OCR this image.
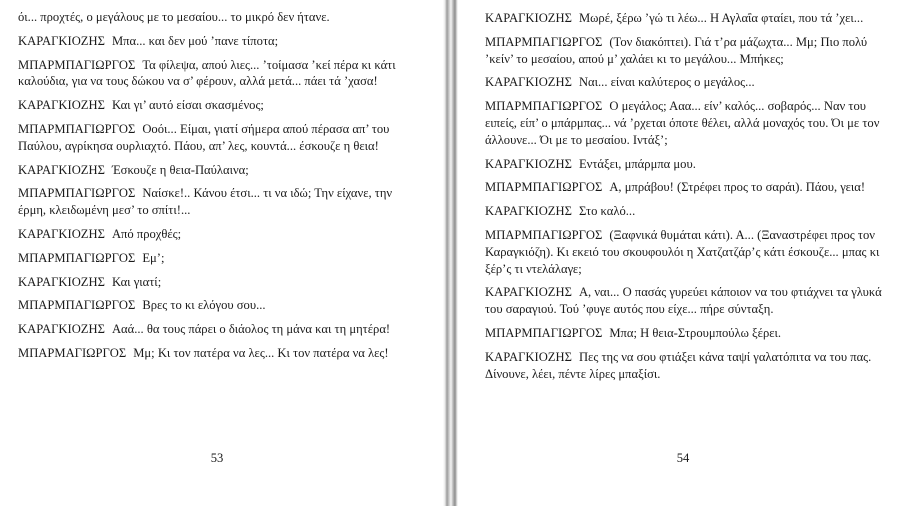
όι... προχτές, ο μεγάλους με το μεσαίου... το μικρό δεν ήτανε.

ΚΑΡΑΓΚΙΟΖΗΣ Μπα... και δεν μού ’πανε τίποτα;

ΜΠΑΡΜΠΑΓΙΩΡΓΟΣ Τα φίλεψα, απού λιες... ’τοίμασα ’κεί πέρα κι κάτι καλούδια, για να τους δώκου να σ’ φέρουν, αλλά μετά... πάει τά ’χασα!

ΚΑΡΑΓΚΙΟΖΗΣ Και γι’ αυτό είσαι σκασμένος;

ΜΠΑΡΜΠΑΓΙΩΡΓΟΣ Οοόι... Είμαι, γιατί σήμερα απού πέρασα απ’ του Παύλου, αγρίκησα ουρλιαχτό. Πάου, απ’ λες, κουντά... έσκουζε η θεια!

ΚΑΡΑΓΚΙΟΖΗΣ Έσκουζε η θεια-Παύλαινα;

ΜΠΑΡΜΠΑΓΙΩΡΓΟΣ Ναίσκε!.. Κάνου έτσι... τι να ιδώ; Την είχανε, την έρμη, κλειδωμένη μεσ’ το σπίτι!...

ΚΑΡΑΓΚΙΟΖΗΣ Από προχθές;

ΜΠΑΡΜΠΑΓΙΩΡΓΟΣ Εμ’;

ΚΑΡΑΓΚΙΟΖΗΣ Και γιατί;

ΜΠΑΡΜΠΑΓΙΩΡΓΟΣ Βρες το κι ελόγου σου...

ΚΑΡΑΓΚΙΟΖΗΣ Ααά... θα τους πάρει ο διάολος τη μάνα και τη μητέρα!

ΜΠΑΡΜΑΓΙΩΡΓΟΣ Μμ; Κι τον πατέρα να λες... Κι τον πατέρα να λες!

53

ΚΑΡΑΓΚΙΟΖΗΣ Μωρέ, ξέρω ’γώ τι λέω... Η Αγλαΐα φταίει, που τά ’χει...

ΜΠΑΡΜΠΑΓΙΩΡΓΟΣ (Τον διακόπτει). Γιά τ’ρα μάζωχτα... Μμ; Πιο πολύ ’κείν’ το μεσαίου, απού μ’ χαλάει κι το μεγάλου... Μπήκες;

ΚΑΡΑΓΚΙΟΖΗΣ Ναι... είναι καλύτερος ο μεγάλος...

ΜΠΑΡΜΠΑΓΙΩΡΓΟΣ Ο μεγάλος; Ααα... είν’ καλός... σοβαρός... Ναν του ειπείς, είπ’ ο μπάρμπας... νά ’ρχεται όποτε θέλει, αλλά μοναχός του. Όι με τον άλλουνε... Όι με το μεσαίου. Ιντάξ’;

ΚΑΡΑΓΚΙΟΖΗΣ Εντάξει, μπάρμπα μου.

ΜΠΑΡΜΠΑΓΙΩΡΓΟΣ Α, μπράβου! (Στρέφει προς το σαράι). Πάου, γεια!

ΚΑΡΑΓΚΙΟΖΗΣ Στο καλό...

ΜΠΑΡΜΠΑΓΙΩΡΓΟΣ (Ξαφνικά θυμάται κάτι). Α... (Ξαναστρέφει προς τον Καραγκιόζη). Κι εκειό του σκουφουλόι η Χατζατζάρ’ς κάτι έσκουζε... μπας κι ξέρ’ς τι ντελάλαγε;

ΚΑΡΑΓΚΙΟΖΗΣ Α, ναι... Ο πασάς γυρεύει κάποιον να του φτιάχνει τα γλυκά του σαραγιού. Τού ’φυγε αυτός που είχε... πήρε σύνταξη.

ΜΠΑΡΜΠΑΓΙΩΡΓΟΣ Μπα; Η θεια-Στρουμπούλω ξέρει.

ΚΑΡΑΓΚΙΟΖΗΣ Πες της να σου φτιάξει κάνα ταψί γαλατόπιτα να του πας. Δίνουνε, λέει, πέντε λίρες μπαξίσι.

54
